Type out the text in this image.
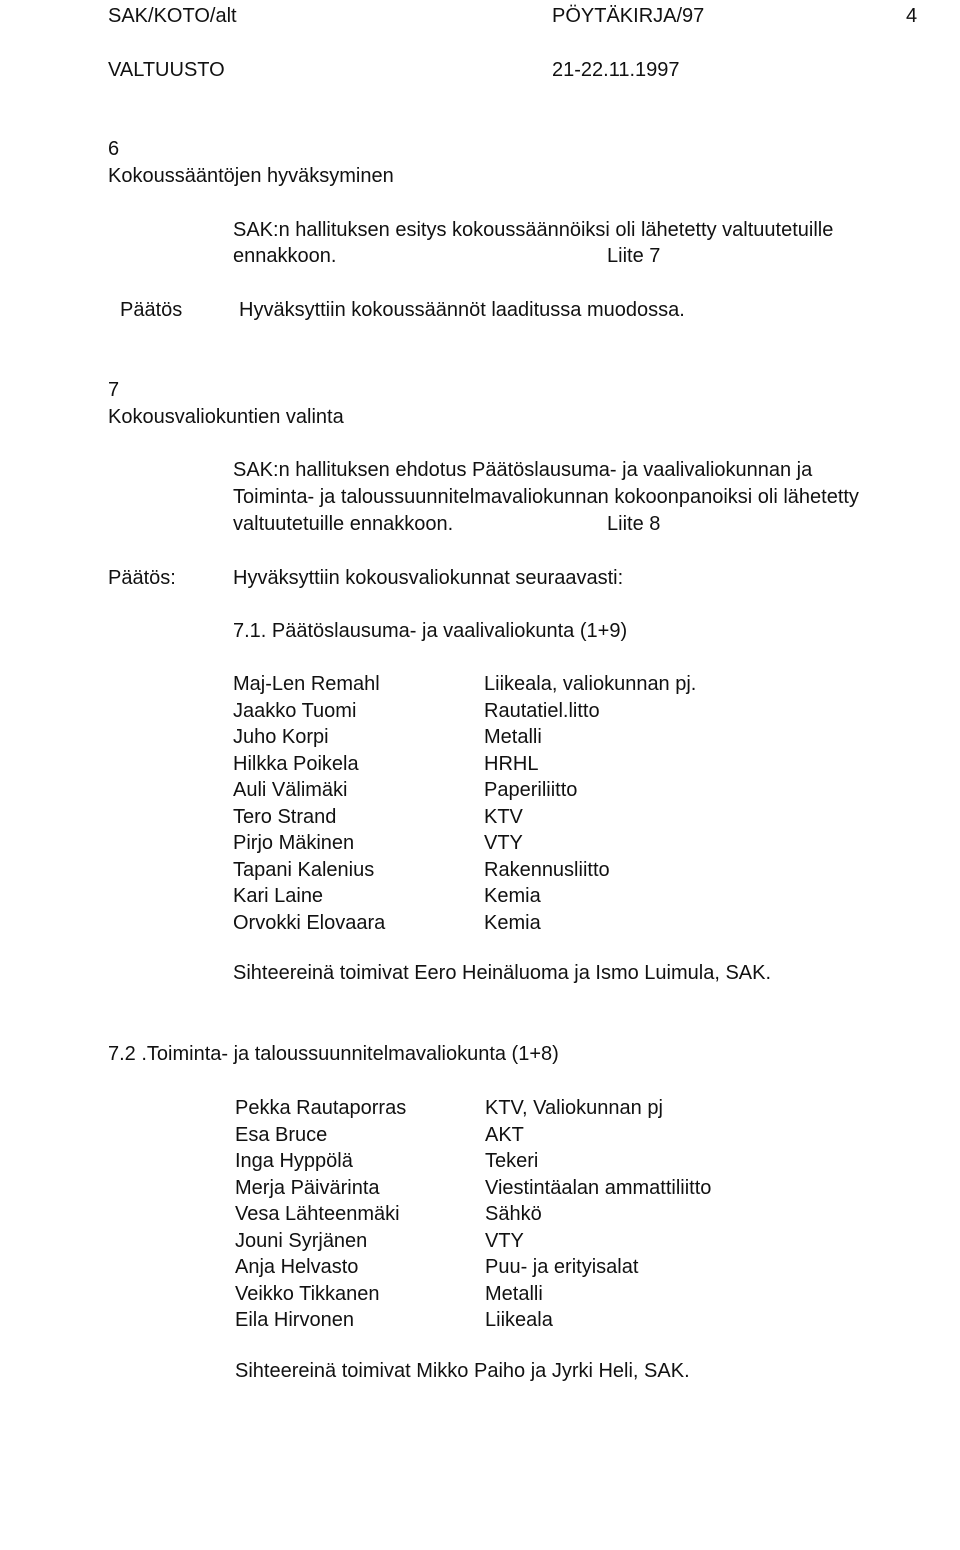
SAK/KOTO/alt	PÖYTÄKIRJA/97	4
VALTUUSTO	21-22.11.1997
6
Kokoussääntöjen hyväksyminen
SAK:n hallituksen esitys kokoussäännöiksi oli lähetetty valtuutetuille
ennakkoon.	Liite 7
Päätös	Hyväksyttiin kokoussäännöt laaditussa muodossa.
7
Kokousvaliokuntien valinta
SAK:n hallituksen ehdotus Päätöslausuma- ja vaalivaliokunnan ja
Toiminta- ja taloussuunnitelmavaliokunnan kokoonpanoiksi oli lähetetty
valtuutetuille ennakkoon.	Liite 8
Päätös:	Hyväksyttiin kokousvaliokunnat seuraavasti:
7.1. Päätöslausuma- ja vaalivaliokunta (1+9)
Maj-Len Remahl	Liikeala, valiokunnan pj.
Jaakko Tuomi	Rautatiel.litto
Juho Korpi	Metalli
Hilkka Poikela	HRHL
Auli Välimäki	Paperiliitto
Tero Strand	KTV
Pirjo Mäkinen	VTY
Tapani Kalenius	Rakennusliitto
Kari Laine	Kemia
Orvokki Elovaara	Kemia
Sihteereinä toimivat Eero Heinäluoma ja Ismo Luimula, SAK.
7.2 .Toiminta- ja taloussuunnitelmavaliokunta (1+8)
Pekka Rautaporras	KTV, Valiokunnan pj
Esa Bruce	AKT
Inga Hyppölä	Tekeri
Merja Päivärinta	Viestintäalan ammattiliitto
Vesa Lähteenmäki	Sähkö
Jouni Syrjänen	VTY
Anja Helvasto	Puu- ja erityisalat
Veikko Tikkanen	Metalli
Eila Hirvonen	Liikeala
Sihteereinä toimivat Mikko Paiho ja Jyrki Heli, SAK.
